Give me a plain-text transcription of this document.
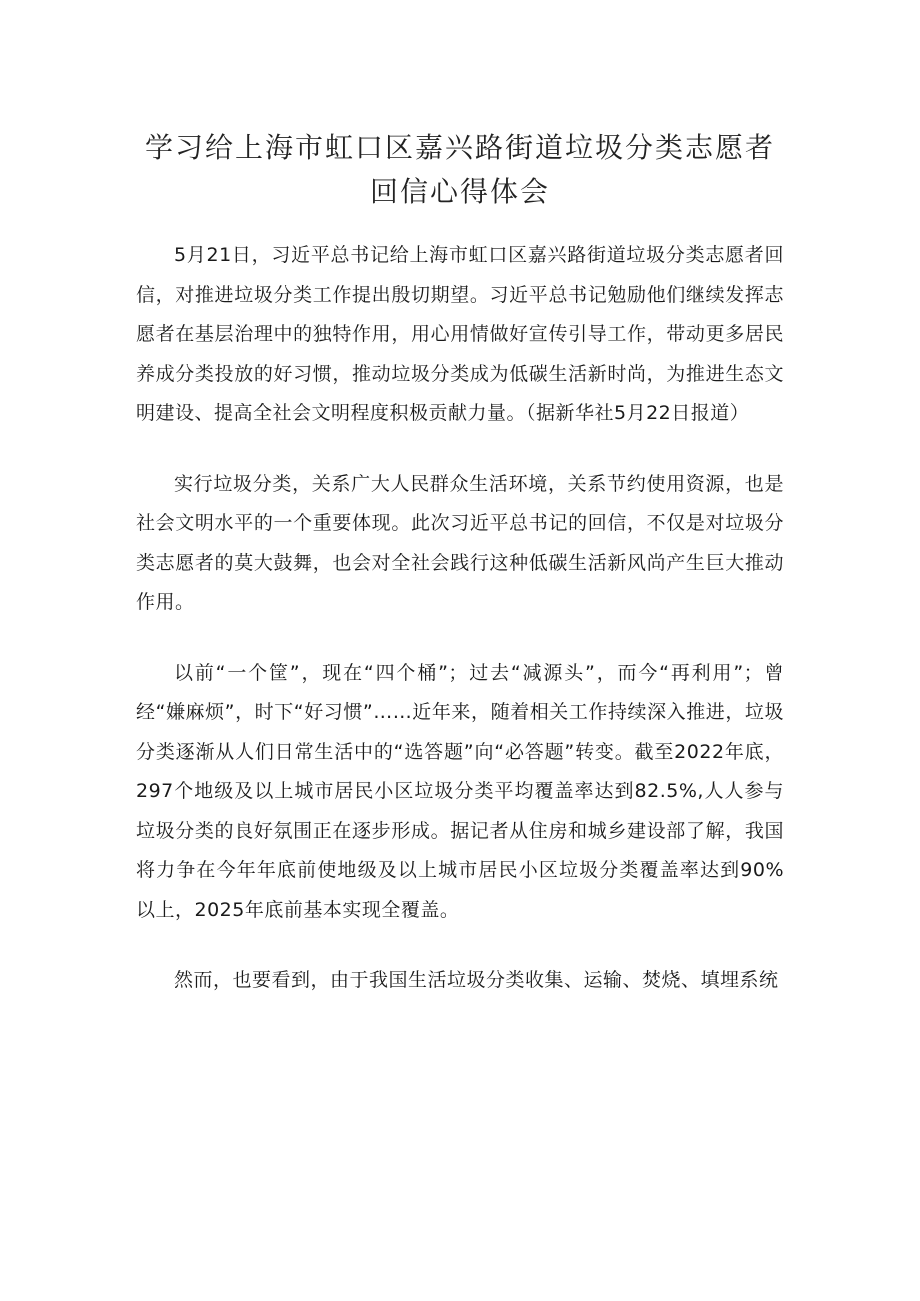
学习给上海市虹口区嘉兴路街道垃圾分类志愿者回信心得体会

5月21日，习近平总书记给上海市虹口区嘉兴路街道垃圾分类志愿者回信，对推进垃圾分类工作提出殷切期望。习近平总书记勉励他们继续发挥志愿者在基层治理中的独特作用，用心用情做好宣传引导工作，带动更多居民养成分类投放的好习惯，推动垃圾分类成为低碳生活新时尚，为推进生态文明建设、提高全社会文明程度积极贡献力量。（据新华社5月22日报道）

实行垃圾分类，关系广大人民群众生活环境，关系节约使用资源，也是社会文明水平的一个重要体现。此次习近平总书记的回信，不仅是对垃圾分类志愿者的莫大鼓舞，也会对全社会践行这种低碳生活新风尚产生巨大推动作用。

以前“一个筐”，现在“四个桶”；过去“减源头”，而今“再利用”；曾经“嫌麻烦”，时下“好习惯”……近年来，随着相关工作持续深入推进，垃圾分类逐渐从人们日常生活中的“选答题”向“必答题”转变。截至2022年底，297个地级及以上城市居民小区垃圾分类平均覆盖率达到82.5%,人人参与垃圾分类的良好氛围正在逐步形成。据记者从住房和城乡建设部了解，我国将力争在今年年底前使地级及以上城市居民小区垃圾分类覆盖率达到90%以上，2025年底前基本实现全覆盖。

然而，也要看到，由于我国生活垃圾分类收集、运输、焚烧、填埋系统
